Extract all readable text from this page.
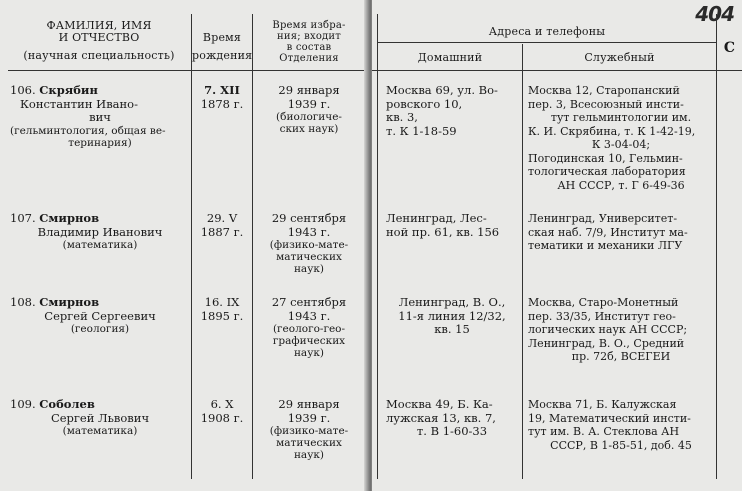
ФАМИЛИЯ, ИМЯ
И ОТЧЕСТВО
(научная специальность)
Время
рождения
Время избра-
ния; входит
в состав
Отделения
106. Скрябин
Константин Ивано-
вич
(гельминтология, общая ве-
теринария)
7. XII
1878 г.
29 января
1939 г.
(биологиче-
ских наук)
107. Смирнов
Владимир Иванович
(математика)
29. V
1887 г.
29 сентября
1943 г.
(физико-мате-
матических
наук)
108. Смирнов
Сергей Сергеевич
(геология)
16. IX
1895 г.
27 сентября
1943 г.
(геолого-гео-
графических
наук)
109. Соболев
Сергей Львович
(математика)
6. X
1908 г.
29 января
1939 г.
(физико-мате-
матических
наук)
404
Адреса и телефоны
Домашний	Служебный
С
Москва 69, ул. Во-
ровского 10,
кв. 3,
т. К 1-18-59
Москва 12, Старопанский
пер. 3, Всесоюзный инсти-
тут гельминтологии им.
К. И. Скрябина, т. К 1-42-19,
К 3-04-04;
Погодинская 10, Гельмин-
тологическая лаборатория
АН СССР, т. Г 6-49-36
Ленинград, Лес-
ной пр. 61, кв. 156
Ленинград, Университет-
ская наб. 7/9, Институт ма-
тематики и механики ЛГУ
Ленинград, В. О.,
11-я линия 12/32,
кв. 15
Москва, Старо-Монетный
пер. 33/35, Институт гео-
логических наук АН СССР;
Ленинград, В. О., Средний
пр. 72б, ВСЕГЕИ
Москва 49, Б. Ка-
лужская 13, кв. 7,
т. В 1-60-33
Москва 71, Б. Калужская
19, Математический инсти-
тут им. В. А. Стеклова АН
СССР, В 1-85-51, доб. 45
